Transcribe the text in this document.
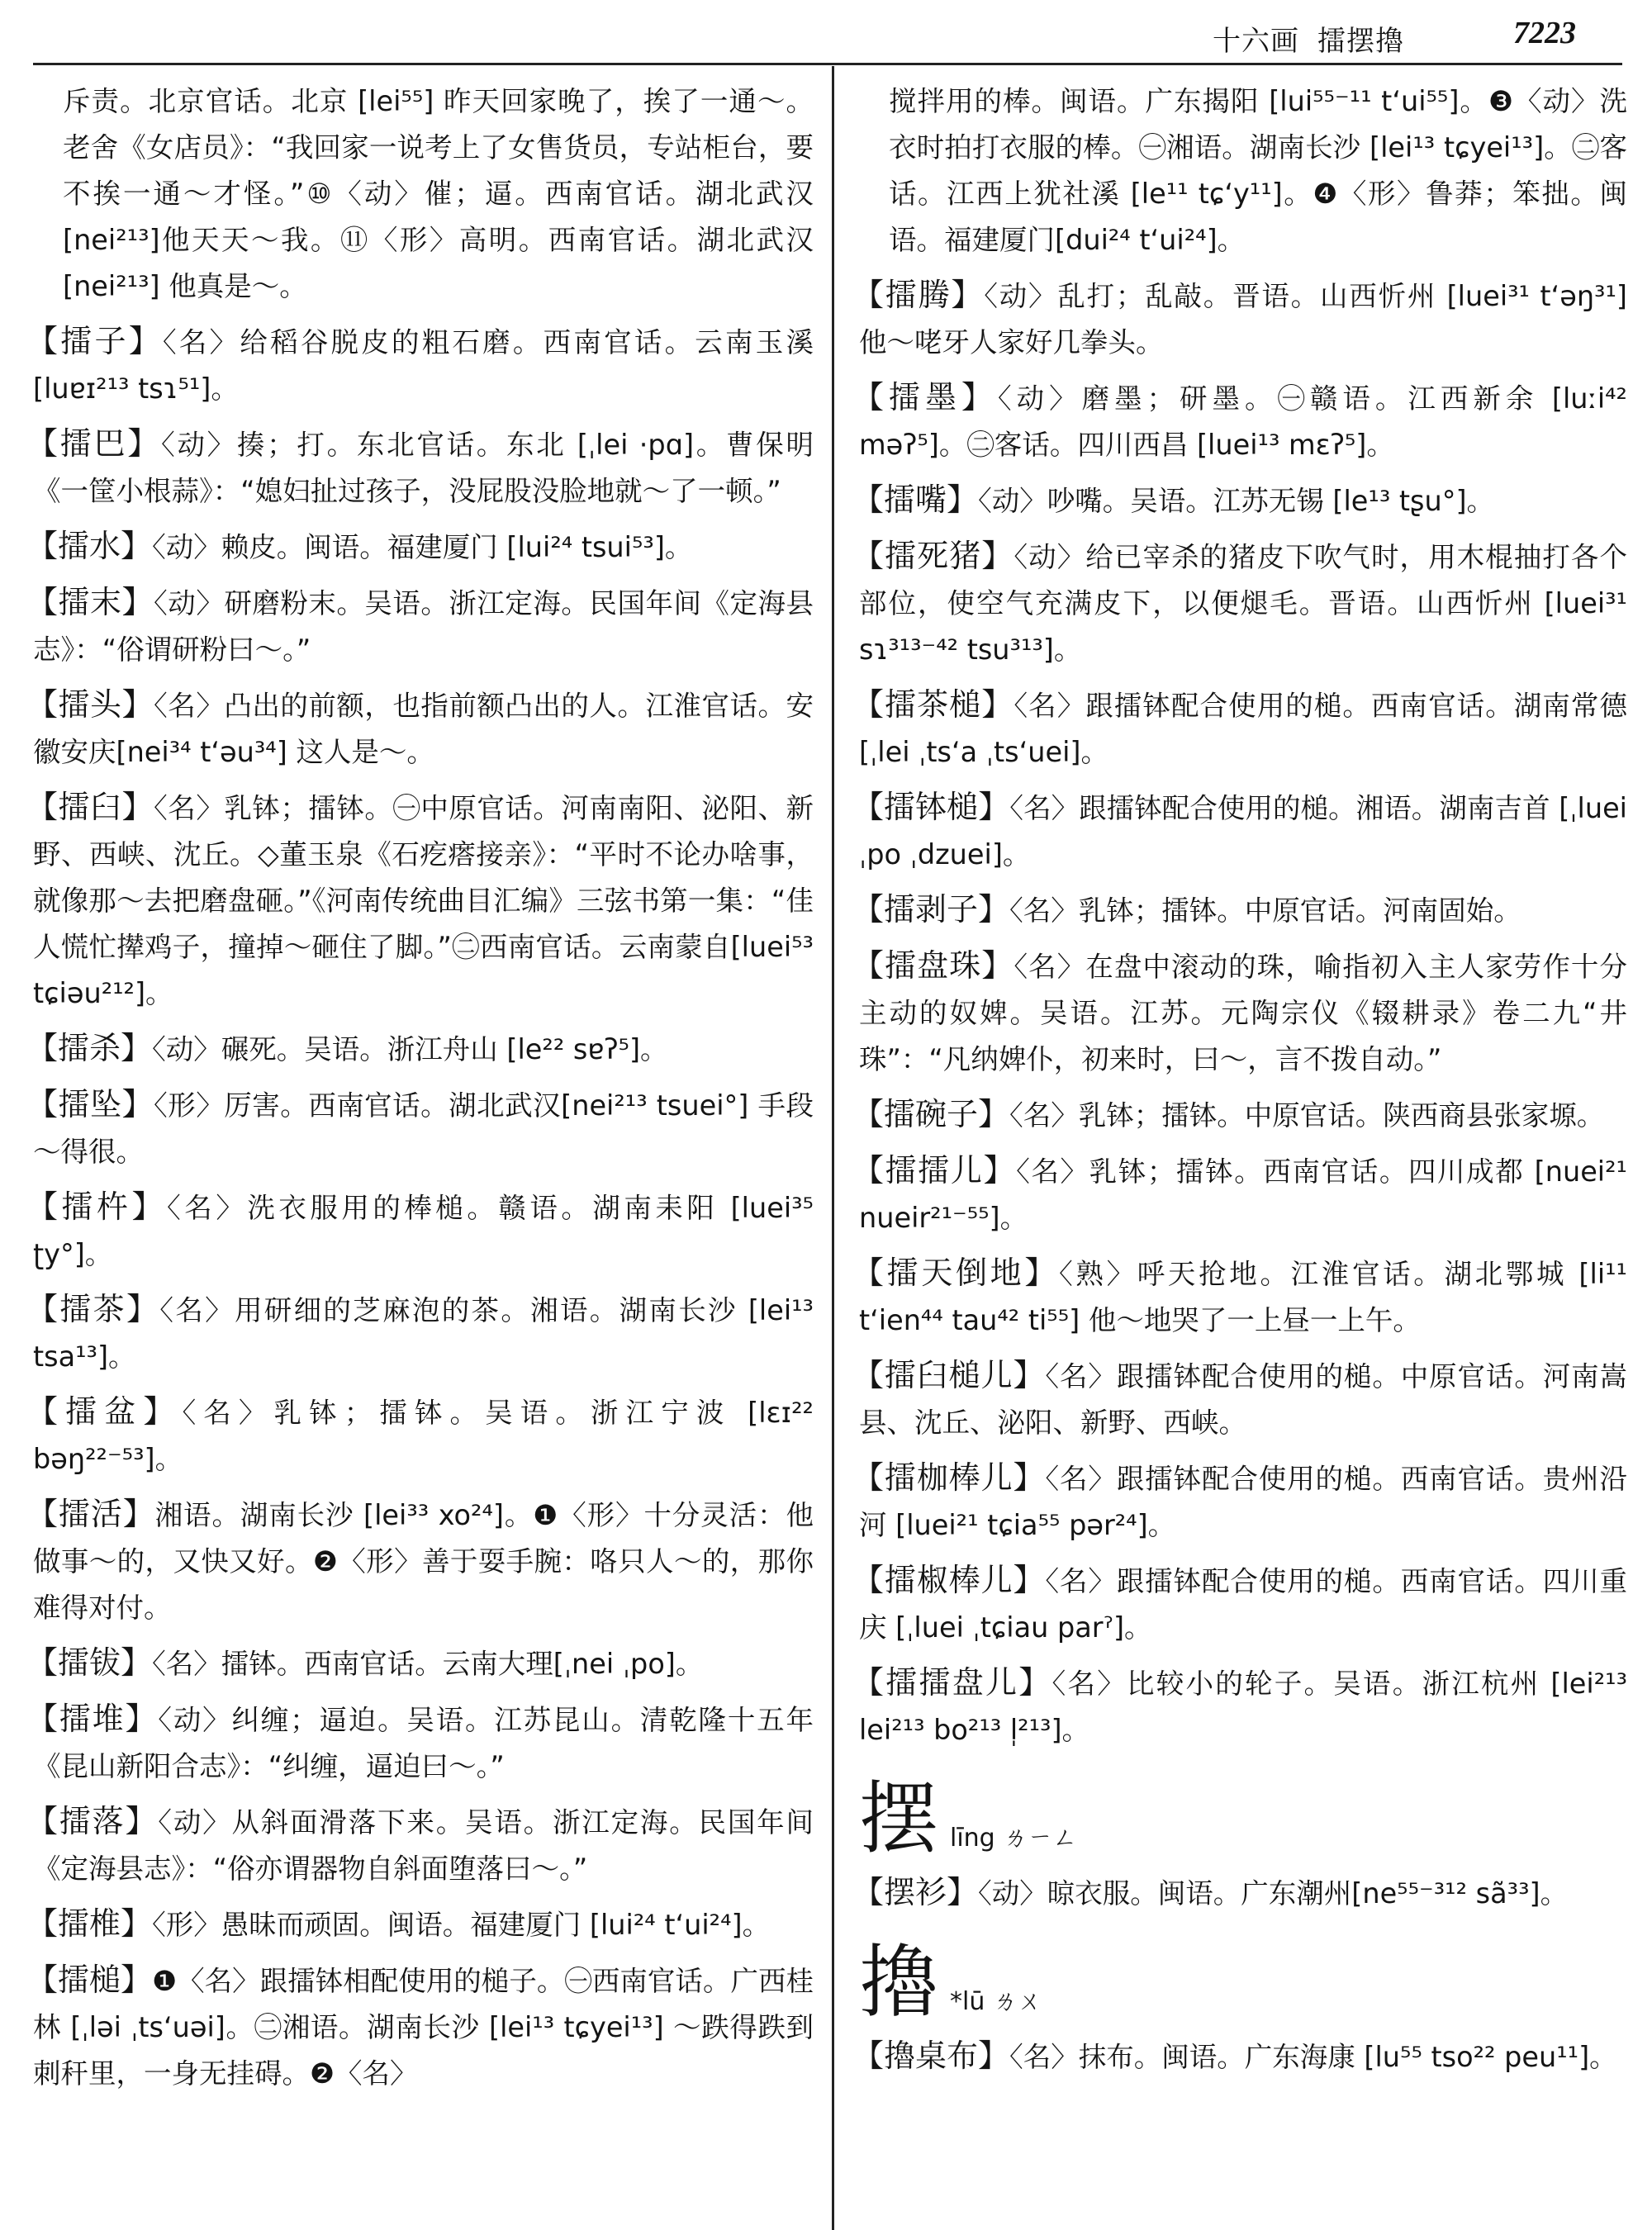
十六画 擂摆擼	7223

斥责。北京官话。北京 [lei⁵⁵] 昨天回家晚了，挨了一通～。老舍《女店员》：“我回家一说考上了女售货员，专站柜台，要不挨一通～才怪。”⑩〈动〉催；逼。西南官话。湖北武汉[nei²¹³]他天天～我。⑪〈形〉高明。西南官话。湖北武汉 [nei²¹³] 他真是～。

【擂子】〈名〉给稻谷脱皮的粗石磨。西南官话。云南玉溪 [luɐɪ²¹³ tsɿ⁵¹]。

【擂巴】〈动〉揍；打。东北官话。东北 [ˌlei ·pɑ]。曹保明《一筐小根蒜》：“媳妇扯过孩子，没屁股没脸地就～了一顿。”

【擂水】〈动〉赖皮。闽语。福建厦门 [lui²⁴ tsui⁵³]。

【擂末】〈动〉研磨粉末。吴语。浙江定海。民国年间《定海县志》：“俗谓研粉曰～。”

【擂头】〈名〉凸出的前额，也指前额凸出的人。江淮官话。安徽安庆[nei³⁴ tʻəu³⁴] 这人是～。

【擂臼】〈名〉乳钵；擂钵。㊀中原官话。河南南阳、泌阳、新野、西峡、沈丘。◇董玉泉《石疙瘩接亲》：“平时不论办啥事，就像那～去把磨盘砸。”《河南传统曲目汇编》三弦书第一集：“佳人慌忙撵鸡子，撞掉～砸住了脚。”㊁西南官话。云南蒙自[luei⁵³ tɕiəu²¹²]。

【擂杀】〈动〉碾死。吴语。浙江舟山 [le²² sɐʔ⁵]。

【擂坠】〈形〉厉害。西南官话。湖北武汉[nei²¹³ tsuei°] 手段～得很。

【擂杵】〈名〉洗衣服用的棒槌。赣语。湖南耒阳 [luei³⁵ ʈy°]。

【擂茶】〈名〉用研细的芝麻泡的茶。湘语。湖南长沙 [lei¹³ tsa¹³]。

【擂盆】〈名〉乳钵；擂钵。吴语。浙江宁波 [lɛɪ²² bəŋ²²⁻⁵³]。

【擂活】湘语。湖南长沙 [lei³³ xo²⁴]。❶〈形〉十分灵活：他做事～的，又快又好。❷〈形〉善于耍手腕：咯只人～的，那你难得对付。

【擂钹】〈名〉擂钵。西南官话。云南大理[ˌnei ˌpo]。

【擂堆】〈动〉纠缠；逼迫。吴语。江苏昆山。清乾隆十五年《昆山新阳合志》：“纠缠，逼迫曰～。”

【擂落】〈动〉从斜面滑落下来。吴语。浙江定海。民国年间《定海县志》：“俗亦谓器物自斜面堕落曰～。”

【擂椎】〈形〉愚昧而顽固。闽语。福建厦门 [lui²⁴ tʻui²⁴]。

【擂槌】❶〈名〉跟擂钵相配使用的槌子。㊀西南官话。广西桂林 [ˌləi ˌtsʻuəi]。㊁湘语。湖南长沙 [lei¹³ tɕyei¹³] ～跌得跌到刺秆里，一身无挂碍。❷〈名〉

搅拌用的棒。闽语。广东揭阳 [lui⁵⁵⁻¹¹ tʻui⁵⁵]。❸〈动〉洗衣时拍打衣服的棒。㊀湘语。湖南长沙 [lei¹³ tɕyei¹³]。㊁客话。江西上犹社溪 [le¹¹ tɕʻy¹¹]。❹〈形〉鲁莽；笨拙。闽语。福建厦门[dui²⁴ tʻui²⁴]。

【擂腾】〈动〉乱打；乱敲。晋语。山西忻州 [luei³¹ tʻəŋ³¹] 他～咾牙人家好几拳头。

【擂墨】〈动〉磨墨；研墨。㊀赣语。江西新余 [luːi⁴² məʔ⁵]。㊁客话。四川西昌 [luei¹³ mɛʔ⁵]。

【擂嘴】〈动〉吵嘴。吴语。江苏无锡 [le¹³ tʂu°]。

【擂死猪】〈动〉给已宰杀的猪皮下吹气时，用木棍抽打各个部位，使空气充满皮下，以便煺毛。晋语。山西忻州 [luei³¹ sɿ³¹³⁻⁴² tsu³¹³]。

【擂茶槌】〈名〉跟擂钵配合使用的槌。西南官话。湖南常德 [ˌlei ˌtsʻa ˌtsʻuei]。

【擂钵槌】〈名〉跟擂钵配合使用的槌。湘语。湖南吉首 [ˌluei ˌpo ˌdzuei]。

【擂剥子】〈名〉乳钵；擂钵。中原官话。河南固始。

【擂盘珠】〈名〉在盘中滚动的珠，喻指初入主人家劳作十分主动的奴婢。吴语。江苏。元陶宗仪《辍耕录》卷二九“井珠”：“凡纳婢仆，初来时，曰～，言不拨自动。”

【擂碗子】〈名〉乳钵；擂钵。中原官话。陕西商县张家塬。

【擂擂儿】〈名〉乳钵；擂钵。西南官话。四川成都 [nuei²¹ nueir²¹⁻⁵⁵]。

【擂天倒地】〈熟〉呼天抢地。江淮官话。湖北鄂城 [li¹¹ tʻien⁴⁴ tau⁴² ti⁵⁵] 他～地哭了一上昼一上午。

【擂臼槌儿】〈名〉跟擂钵配合使用的槌。中原官话。河南嵩县、沈丘、泌阳、新野、西峡。

【擂枷棒儿】〈名〉跟擂钵配合使用的槌。西南官话。贵州沿河 [luei²¹ tɕia⁵⁵ pər²⁴]。

【擂椒棒儿】〈名〉跟擂钵配合使用的槌。西南官话。四川重庆 [ˌluei ˌtɕiau parˀ]。

【擂擂盘儿】〈名〉比较小的轮子。吴语。浙江杭州 [lei²¹³ lei²¹³ bo²¹³ l̩²¹³]。

摆 līng ㄌㄧㄥ

【摆衫】〈动〉晾衣服。闽语。广东潮州[ne⁵⁵⁻³¹² sã³³]。

擼 *lū ㄌㄨ

【擼桌布】〈名〉抹布。闽语。广东海康 [lu⁵⁵ tso²² peu¹¹]。
